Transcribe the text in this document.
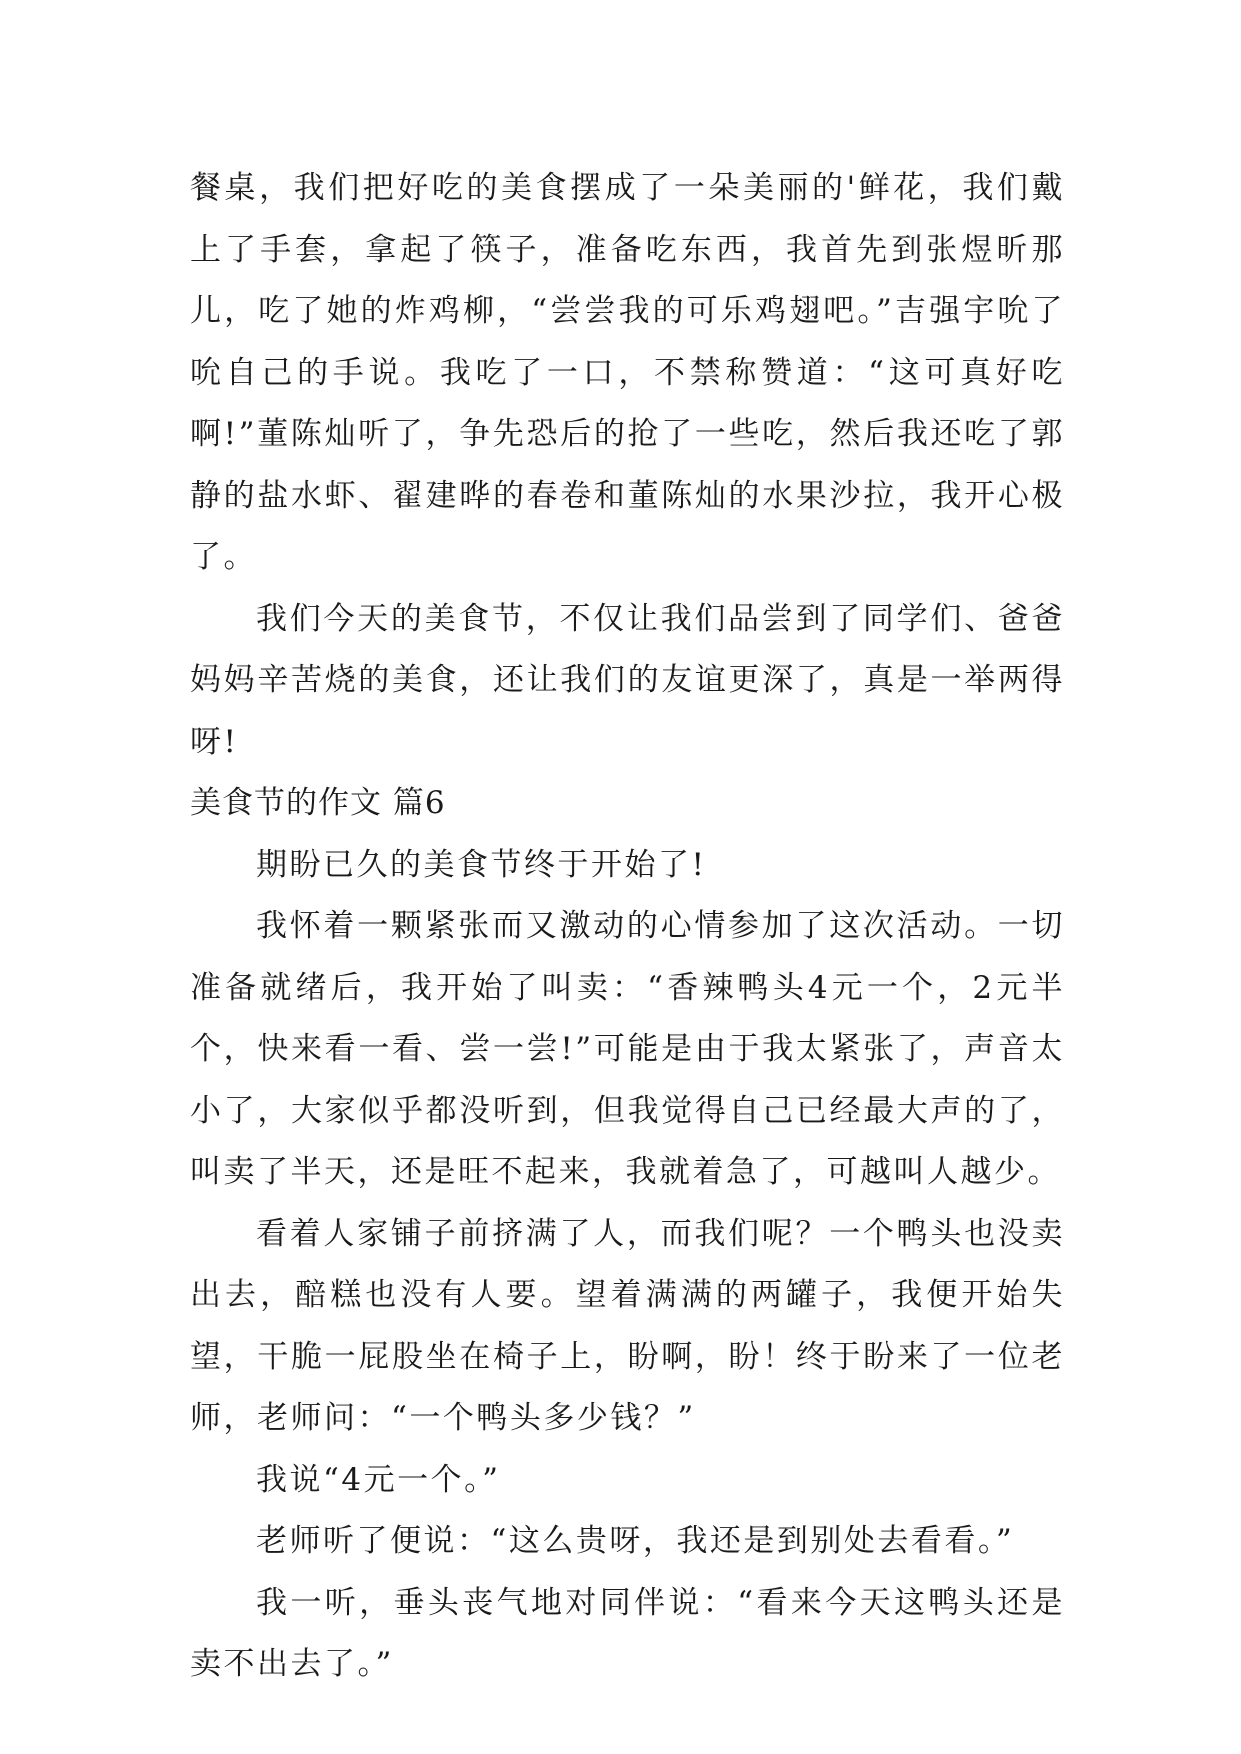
餐桌，我们把好吃的美食摆成了一朵美丽的'鲜花，我们戴上了手套，拿起了筷子，准备吃东西，我首先到张煜昕那儿，吃了她的炸鸡柳，“尝尝我的可乐鸡翅吧。”吉强宇吮了吮自己的手说。我吃了一口，不禁称赞道：“这可真好吃啊!”董陈灿听了，争先恐后的抢了一些吃，然后我还吃了郭静的盐水虾、翟建晔的春卷和董陈灿的水果沙拉，我开心极了。

我们今天的美食节，不仅让我们品尝到了同学们、爸爸妈妈辛苦烧的美食，还让我们的友谊更深了，真是一举两得呀!

美食节的作文 篇6

期盼已久的美食节终于开始了!

我怀着一颗紧张而又激动的心情参加了这次活动。一切准备就绪后，我开始了叫卖：“香辣鸭头4元一个，2元半个，快来看一看、尝一尝!”可能是由于我太紧张了，声音太小了，大家似乎都没听到，但我觉得自己已经最大声的了，叫卖了半天，还是旺不起来，我就着急了，可越叫人越少。

看着人家铺子前挤满了人，而我们呢？一个鸭头也没卖出去，醅糕也没有人要。望着满满的两罐子，我便开始失望，干脆一屁股坐在椅子上，盼啊，盼！终于盼来了一位老师，老师问：“一个鸭头多少钱？”

我说“4元一个。”

老师听了便说：“这么贵呀，我还是到别处去看看。”

我一听，垂头丧气地对同伴说：“看来今天这鸭头还是卖不出去了。”
